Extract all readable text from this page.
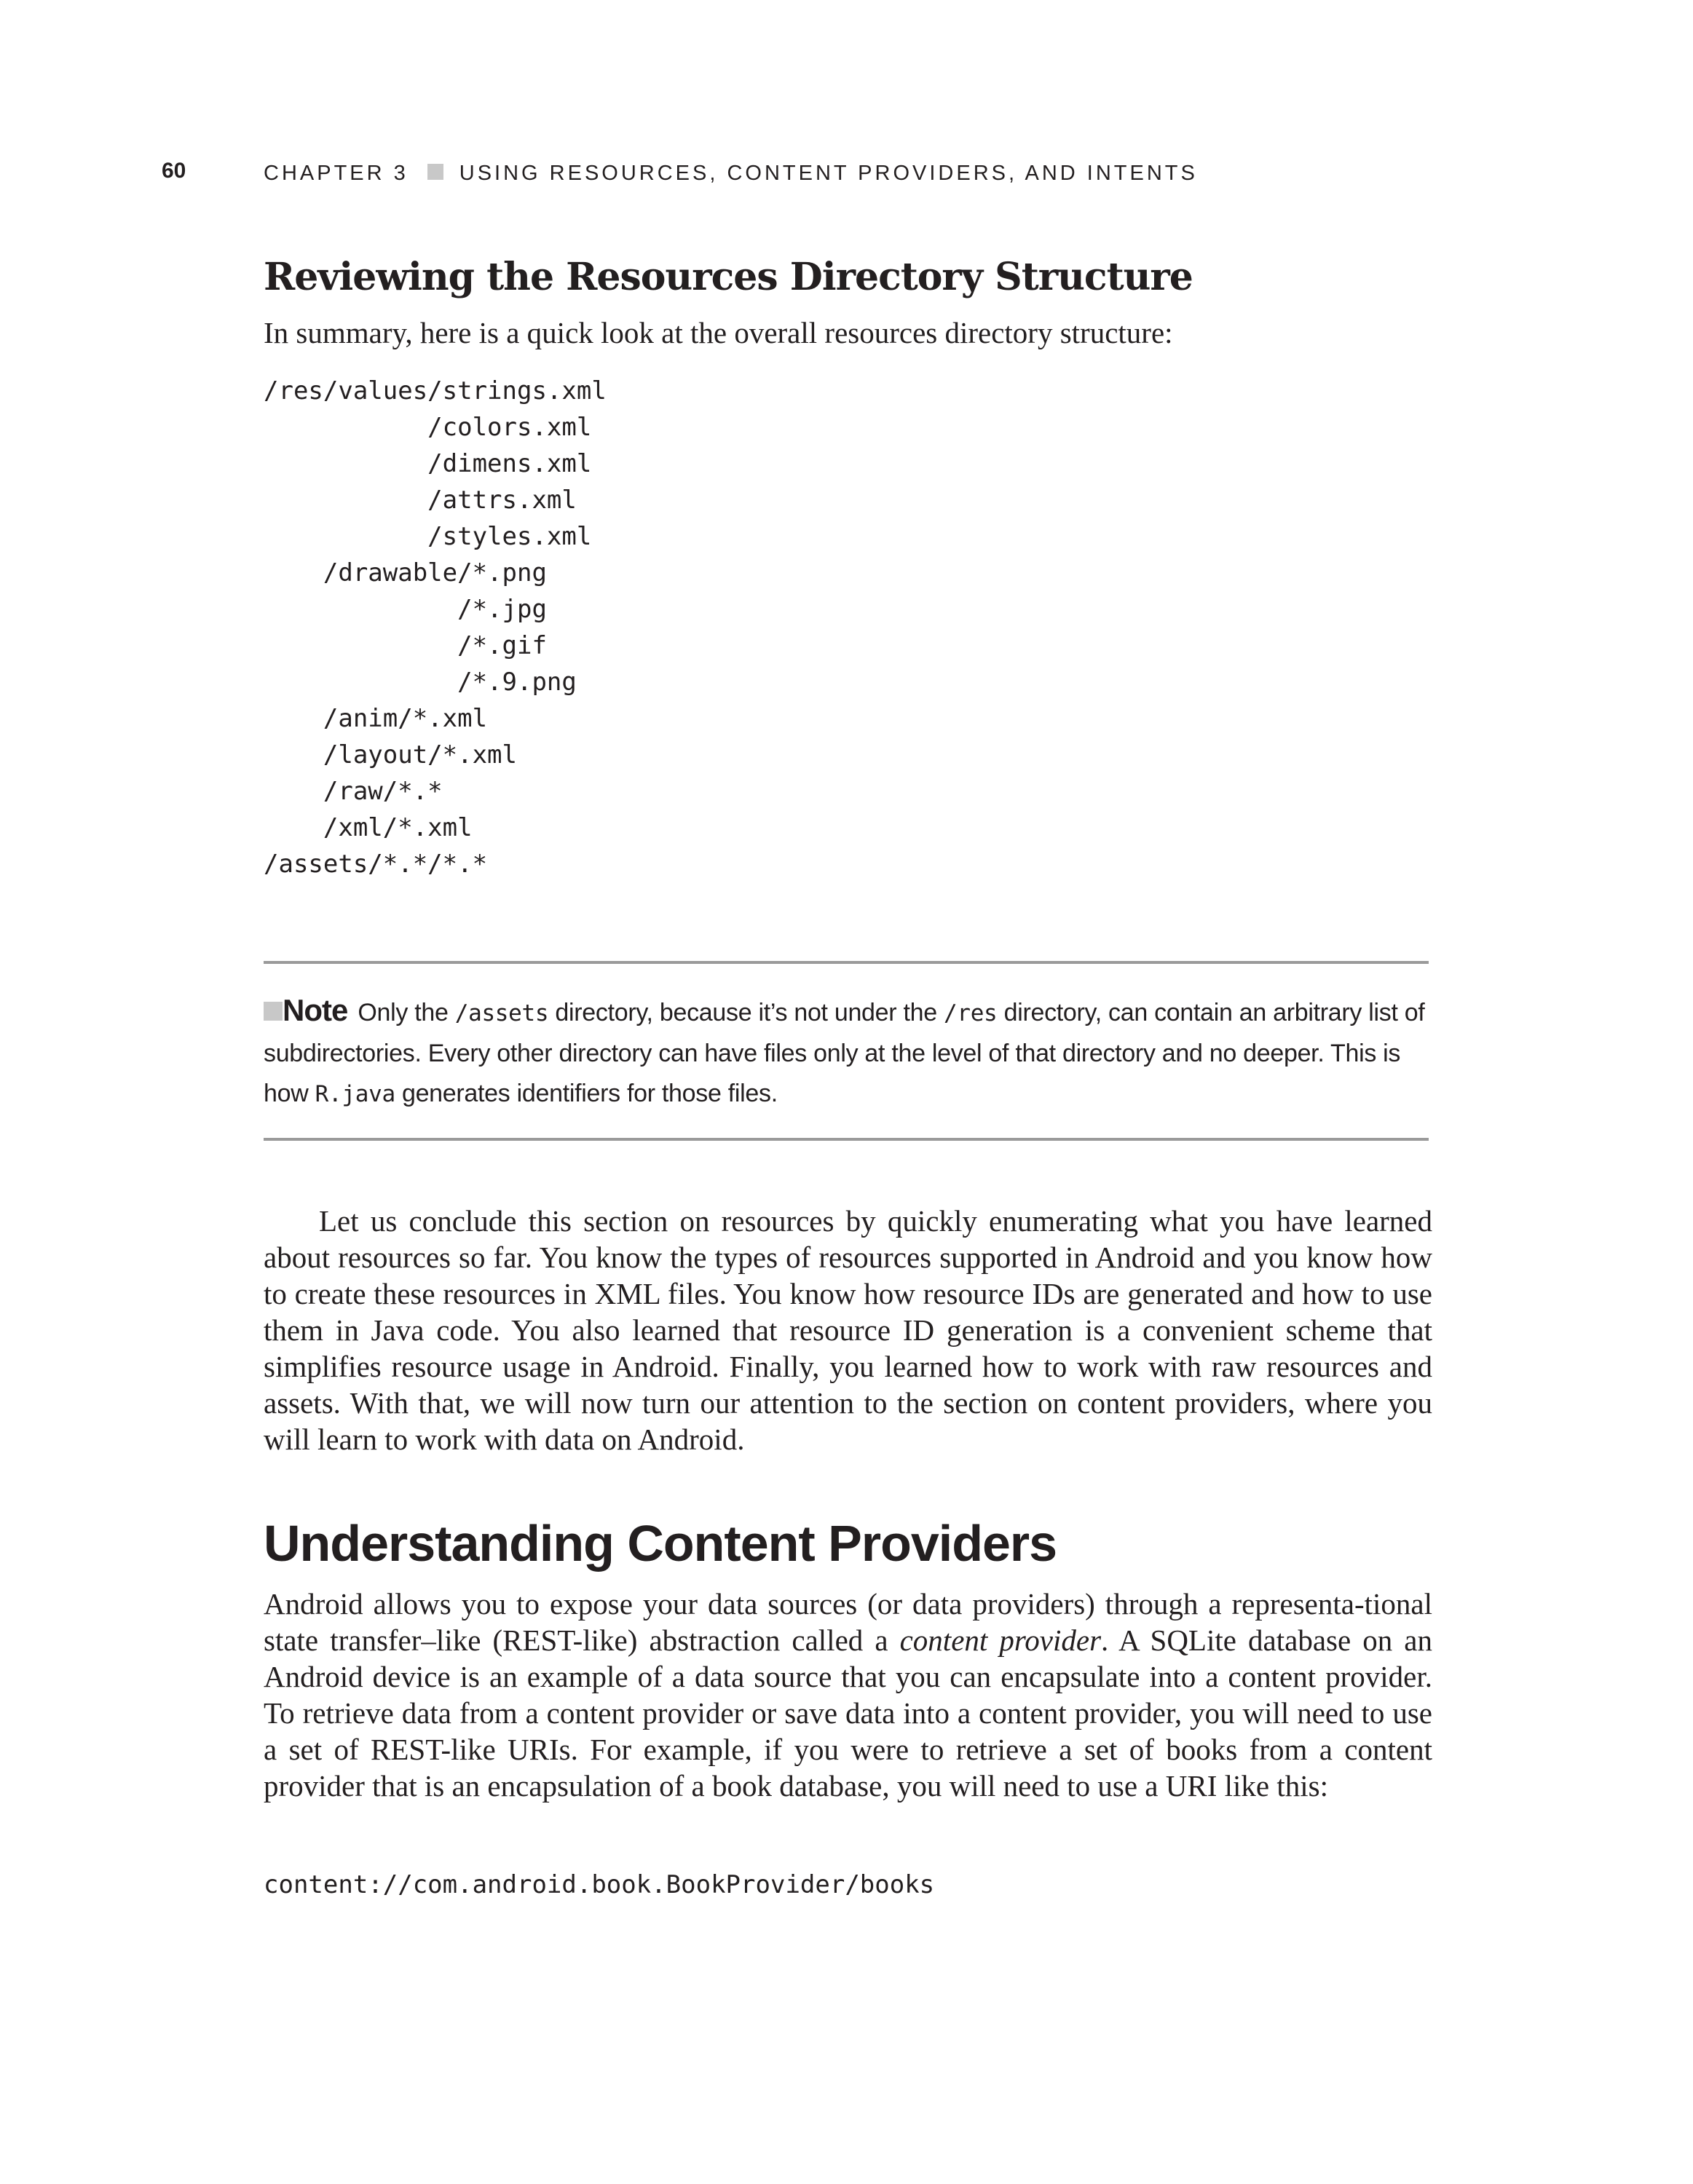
60	CHAPTER 3 USING RESOURCES, CONTENT PROVIDERS, AND INTENTS
Reviewing the Resources Directory Structure

In summary, here is a quick look at the overall resources directory structure:

/res/values/strings.xml
/colors.xml
/dimens.xml
/attrs.xml
/styles.xml
/drawable/*.png
/*.jpg
/*.gif
/*.9.png
/anim/*.xml
/layout/*.xml
/raw/*.*
/xml/*.xml
/assets/*.*/*.*

Note Only the /assets directory, because it’s not under the /res directory, can contain an arbitrary list of subdirectories. Every other directory can have files only at the level of that directory and no deeper. This is how R.java generates identifiers for those files.

Let us conclude this section on resources by quickly enumerating what you have learned about resources so far. You know the types of resources supported in Android and you know how to create these resources in XML files. You know how resource IDs are generated and how to use them in Java code. You also learned that resource ID generation is a convenient scheme that simplifies resource usage in Android. Finally, you learned how to work with raw resources and assets. With that, we will now turn our attention to the section on content providers, where you will learn to work with data on Android.

Understanding Content Providers

Android allows you to expose your data sources (or data providers) through a representa-tional state transfer–like (REST-like) abstraction called a content provider. A SQLite database on an Android device is an example of a data source that you can encapsulate into a content provider. To retrieve data from a content provider or save data into a content provider, you will need to use a set of REST-like URIs. For example, if you were to retrieve a set of books from a content provider that is an encapsulation of a book database, you will need to use a URI like this:

content://com.android.book.BookProvider/books
